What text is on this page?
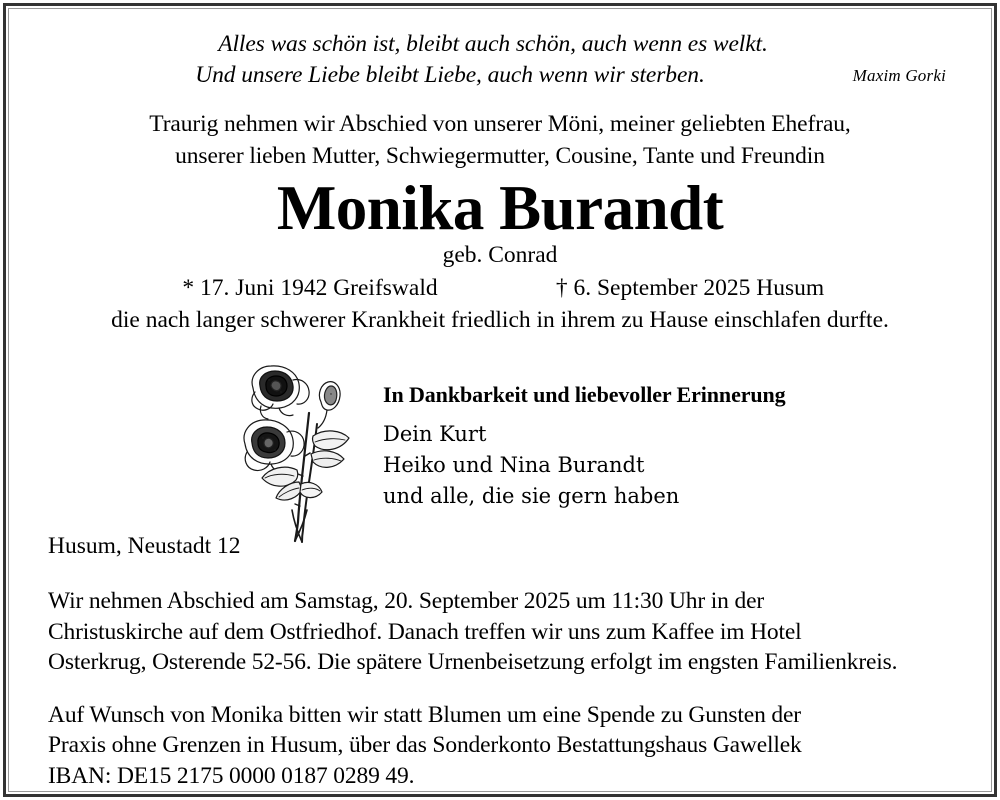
Alles was schön ist, bleibt auch schön, auch wenn es welkt.
Und unsere Liebe bleibt Liebe, auch wenn wir sterben.	Maxim Gorki
Traurig nehmen wir Abschied von unserer Möni, meiner geliebten Ehefrau,
unserer lieben Mutter, Schwiegermutter, Cousine, Tante und Freundin
Monika Burandt
geb. Conrad
* 17. Juni 1942 Greifswald	† 6. September 2025 Husum
die nach langer schwerer Krankheit friedlich in ihrem zu Hause einschlafen durfte.
In Dankbarkeit und liebevoller Erinnerung
Dein Kurt
Heiko und Nina Burandt
und alle, die sie gern haben
Husum, Neustadt 12
Wir nehmen Abschied am Samstag, 20. September 2025 um 11:30 Uhr in der
Christuskirche auf dem Ostfriedhof. Danach treffen wir uns zum Kaffee im Hotel
Osterkrug, Osterende 52-56. Die spätere Urnenbeisetzung erfolgt im engsten Familienkreis.
Auf Wunsch von Monika bitten wir statt Blumen um eine Spende zu Gunsten der
Praxis ohne Grenzen in Husum, über das Sonderkonto Bestattungshaus Gawellek
IBAN: DE15 2175 0000 0187 0289 49.
